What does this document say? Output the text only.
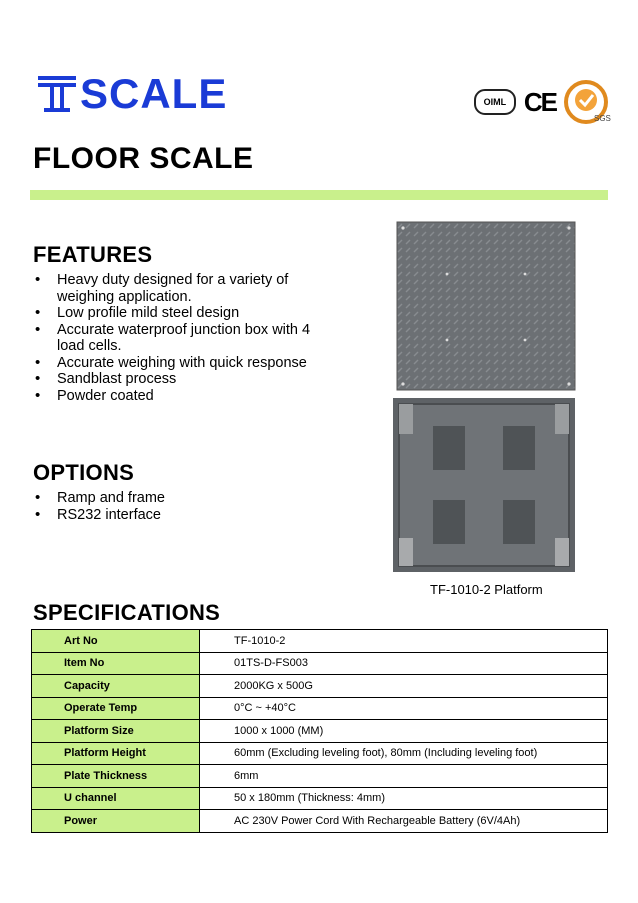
SCALE	OIML CE
SGS
FLOOR SCALE
FEATURES
• Heavy duty designed for a variety of weighing application.
• Low profile mild steel design
• Accurate waterproof junction box with 4 load cells.
• Accurate weighing with quick response
• Sandblast process
• Powder coated
OPTIONS
• Ramp and frame
• RS232 interface
TF-1010-2 Platform
SPECIFICATIONS
Art No	TF-1010-2
Item No	01TS-D-FS003
Capacity	2000KG x 500G
Operate Temp	0°C ~ +40°C
Platform Size	1000 x 1000 (MM)
Platform Height	60mm (Excluding leveling foot), 80mm (Including leveling foot)
Plate Thickness	6mm
U channel	50 x 180mm (Thickness: 4mm)
Power	AC 230V Power Cord With Rechargeable Battery (6V/4Ah)
